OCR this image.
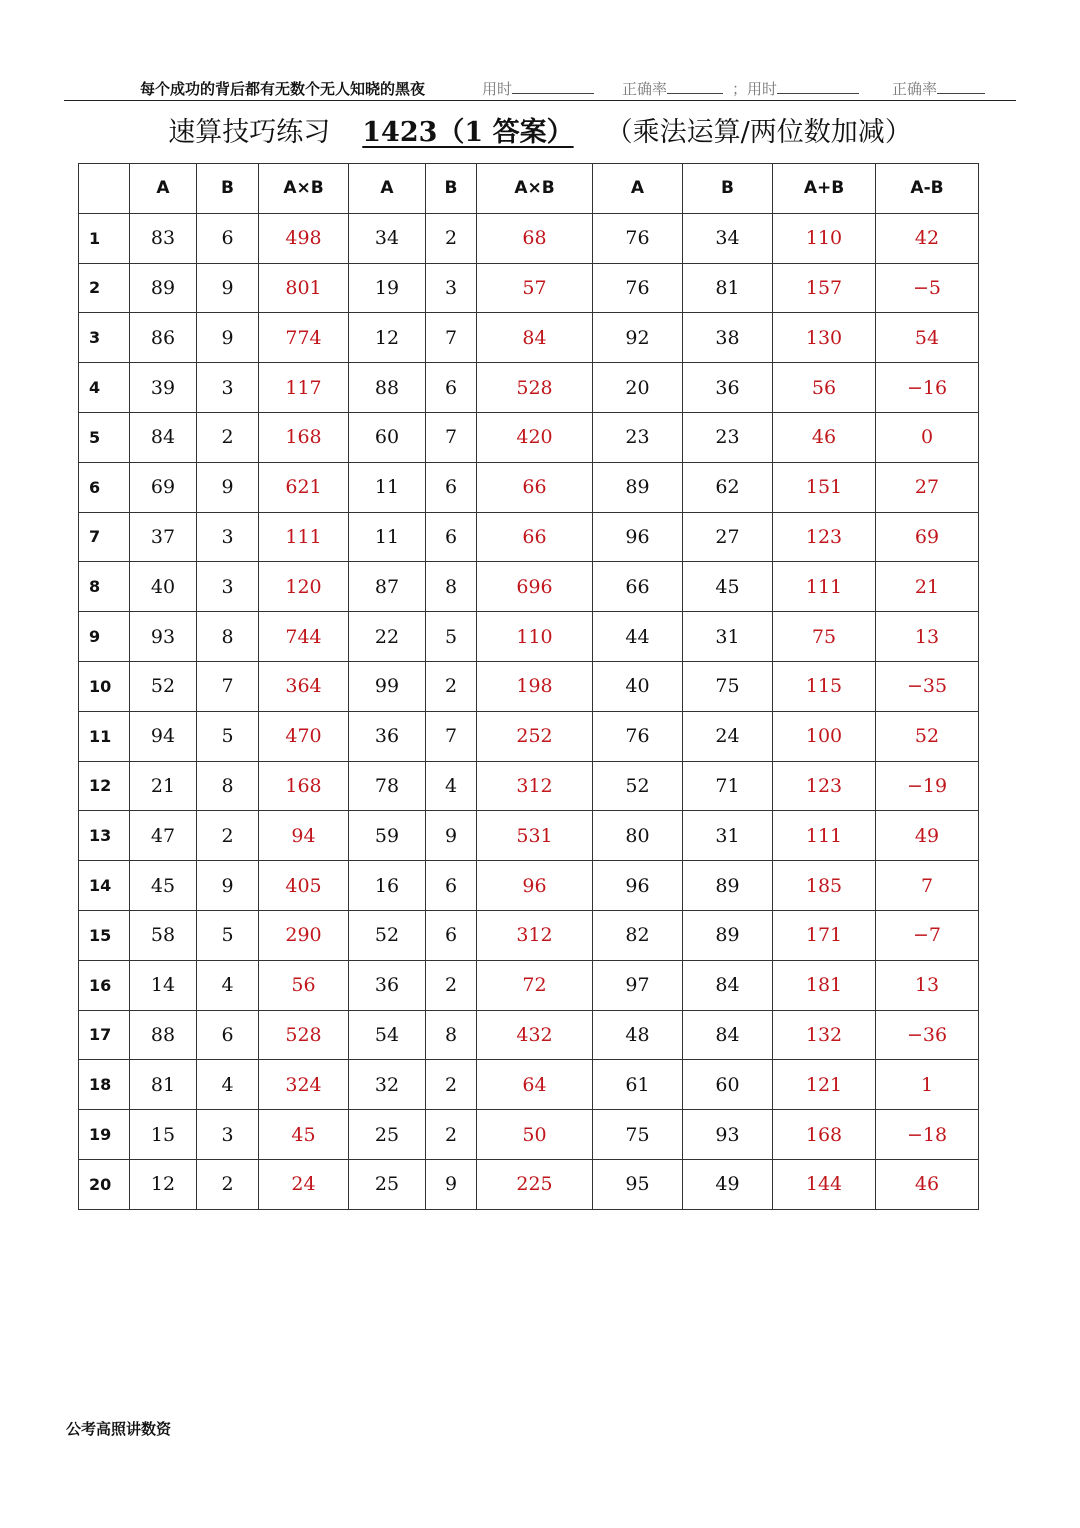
每个成功的背后都有无数个无人知晓的黑夜	用时	正确率	；用时	正确率
速算技巧练习 1423（1 答案） （乘法运算/两位数加减）
	A	B	A×B	A	B	A×B	A	B	A+B	A-B
1	83	6	498	34	2	68	76	34	110	42
2	89	9	801	19	3	57	76	81	157	−5
3	86	9	774	12	7	84	92	38	130	54
4	39	3	117	88	6	528	20	36	56	−16
5	84	2	168	60	7	420	23	23	46	0
6	69	9	621	11	6	66	89	62	151	27
7	37	3	111	11	6	66	96	27	123	69
8	40	3	120	87	8	696	66	45	111	21
9	93	8	744	22	5	110	44	31	75	13
10	52	7	364	99	2	198	40	75	115	−35
11	94	5	470	36	7	252	76	24	100	52
12	21	8	168	78	4	312	52	71	123	−19
13	47	2	94	59	9	531	80	31	111	49
14	45	9	405	16	6	96	96	89	185	7
15	58	5	290	52	6	312	82	89	171	−7
16	14	4	56	36	2	72	97	84	181	13
17	88	6	528	54	8	432	48	84	132	−36
18	81	4	324	32	2	64	61	60	121	1
19	15	3	45	25	2	50	75	93	168	−18
20	12	2	24	25	9	225	95	49	144	46
公考高照讲数资
